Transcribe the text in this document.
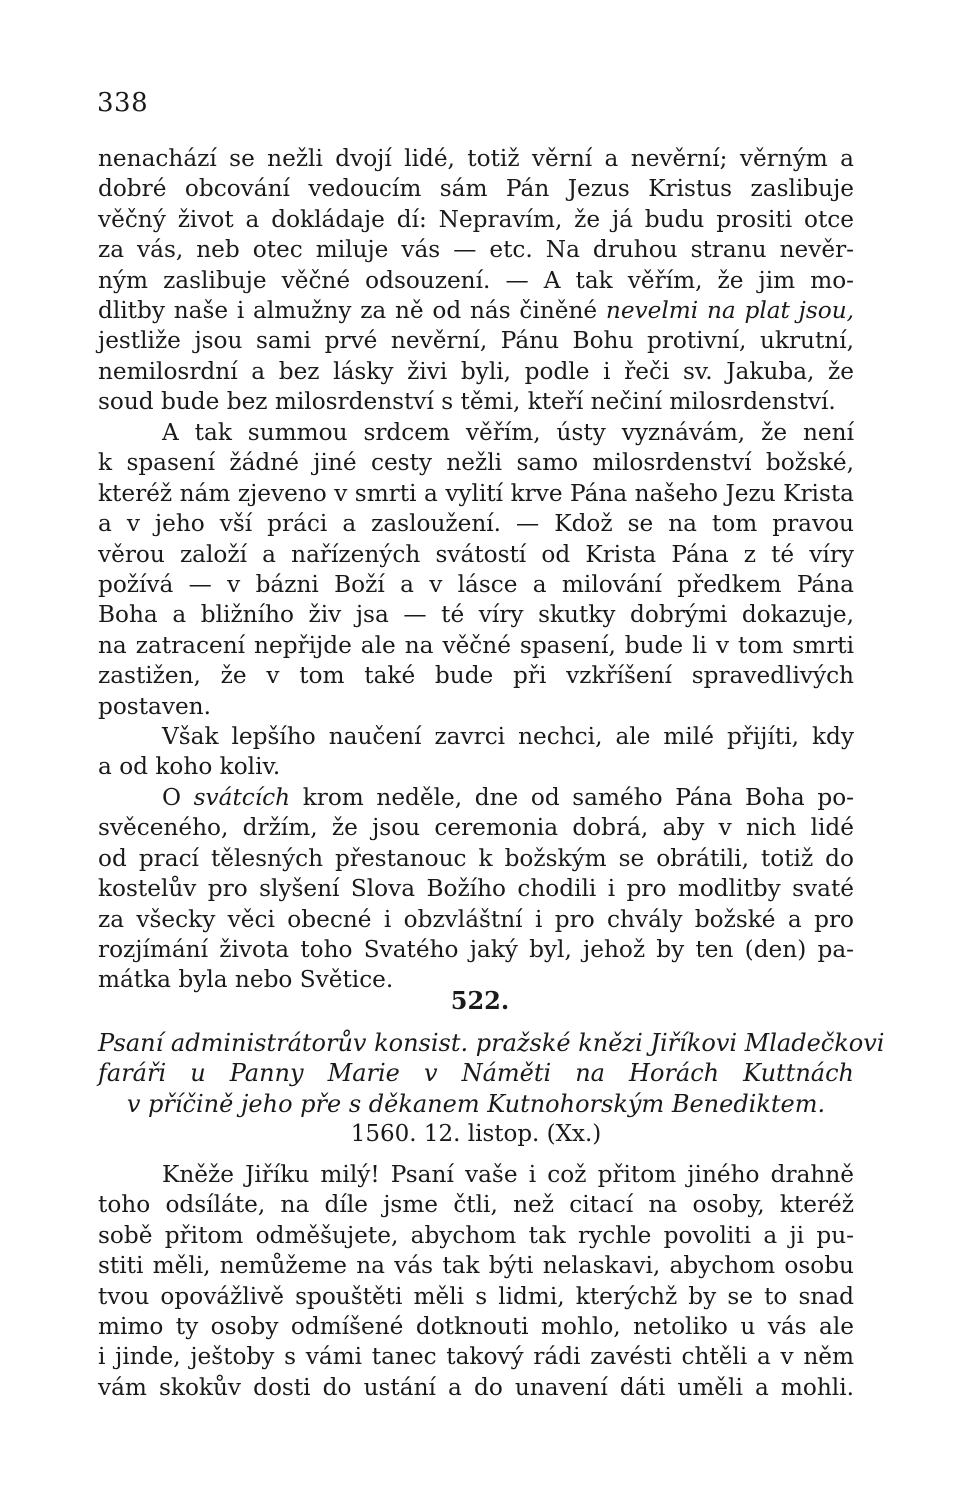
338
nenachází se nežli dvojí lidé, totiž věrní a nevěrní; věrným a
dobré obcování vedoucím sám Pán Jezus Kristus zaslibuje
věčný život a dokládaje dí: Nepravím, že já budu prositi otce
za vás, neb otec miluje vás — etc. Na druhou stranu nevěr-
ným zaslibuje věčné odsouzení. — A tak věřím, že jim mo-
dlitby naše i almužny za ně od nás činěné nevelmi na plat jsou,
jestliže jsou sami prvé nevěrní, Pánu Bohu protivní, ukrutní,
nemilosrdní a bez lásky živi byli, podle i řeči sv. Jakuba, že
soud bude bez milosrdenství s těmi, kteří nečiní milosrdenství.
A tak summou srdcem věřím, ústy vyznávám, že není
k spasení žádné jiné cesty nežli samo milosrdenství božské,
kteréž nám zjeveno v smrti a vylití krve Pána našeho Jezu Krista
a v jeho vší práci a zasloužení. — Kdož se na tom pravou
věrou založí a nařízených svátostí od Krista Pána z té víry
požívá — v bázni Boží a v lásce a milování předkem Pána
Boha a bližního živ jsa — té víry skutky dobrými dokazuje,
na zatracení nepřijde ale na věčné spasení, bude li v tom smrti
zastižen, že v tom také bude při vzkříšení spravedlivých
postaven.
Však lepšího naučení zavrci nechci, ale milé přijíti, kdy
a od koho koliv.
O svátcích krom neděle, dne od samého Pána Boha po-
svěceného, držím, že jsou ceremonia dobrá, aby v nich lidé
od prací tělesných přestanouc k božským se obrátili, totiž do
kostelův pro slyšení Slova Božího chodili i pro modlitby svaté
za všecky věci obecné i obzvláštní i pro chvály božské a pro
rozjímání života toho Svatého jaký byl, jehož by ten (den) pa-
mátka byla nebo Světice.
522.
Psaní administrátorův konsist. pražské knězi Jiříkovi Mladečkovi
faráři u Panny Marie v Náměti na Horách Kuttnách
v příčině jeho pře s děkanem Kutnohorským Benediktem.
1560. 12. listop. (Xx.)
Kněže Jiříku milý! Psaní vaše i což přitom jiného drahně
toho odsíláte, na díle jsme čtli, než citací na osoby, kteréž
sobě přitom odměšujete, abychom tak rychle povoliti a ji pu-
stiti měli, nemůžeme na vás tak býti nelaskavi, abychom osobu
tvou opovážlivě spouštěti měli s lidmi, kterýchž by se to snad
mimo ty osoby odmíšené dotknouti mohlo, netoliko u vás ale
i jinde, ještoby s vámi tanec takový rádi zavésti chtěli a v něm
vám skokův dosti do ustání a do unavení dáti uměli a mohli.
